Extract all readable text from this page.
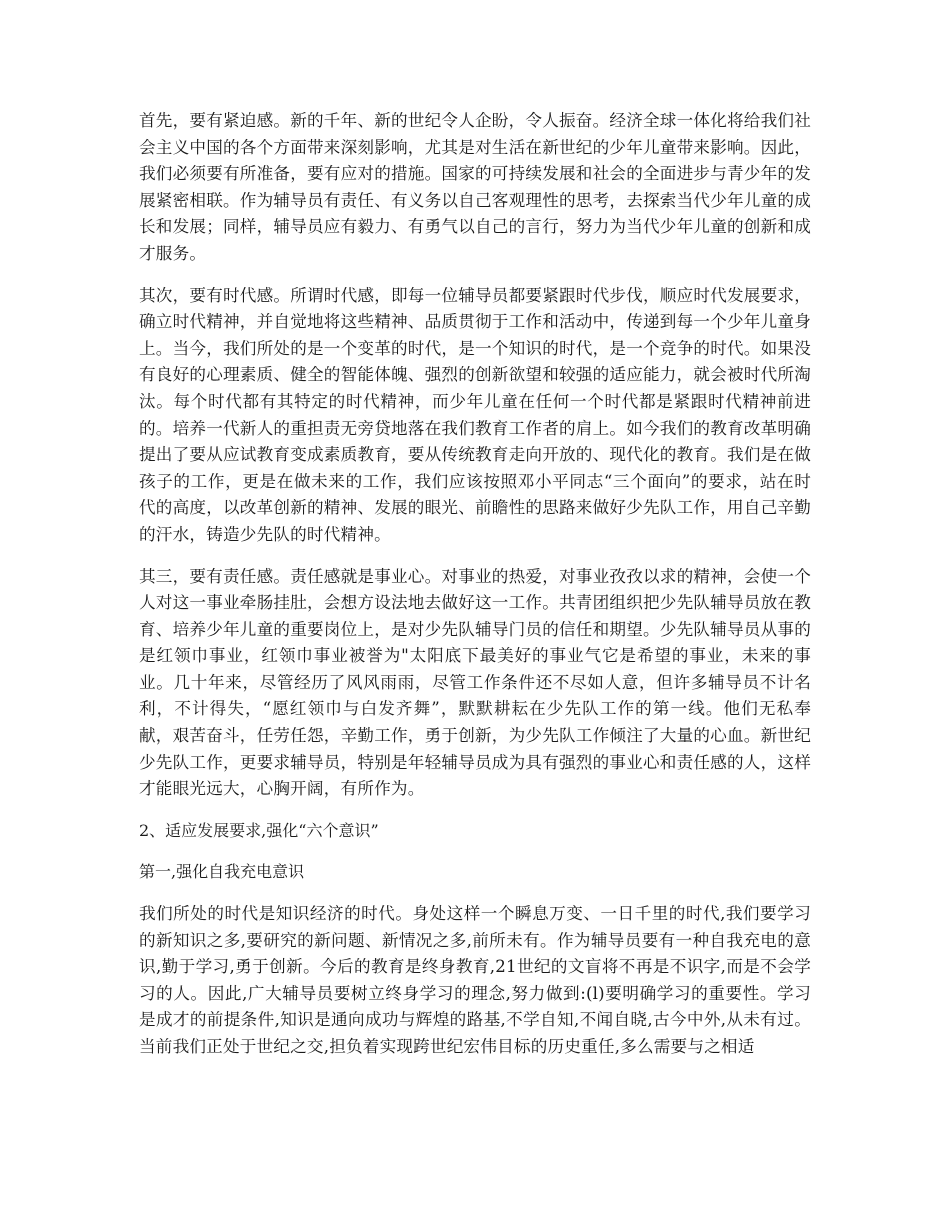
首先，要有紧迫感。新的千年、新的世纪令人企盼，令人振奋。经济全球一体化将给我们社会主义中国的各个方面带来深刻影响，尤其是对生活在新世纪的少年儿童带来影响。因此，我们必须要有所准备，要有应对的措施。国家的可持续发展和社会的全面进步与青少年的发展紧密相联。作为辅导员有责任、有义务以自己客观理性的思考，去探索当代少年儿童的成长和发展；同样，辅导员应有毅力、有勇气以自己的言行，努力为当代少年儿童的创新和成才服务。

其次，要有时代感。所谓时代感，即每一位辅导员都要紧跟时代步伐，顺应时代发展要求，确立时代精神，并自觉地将这些精神、品质贯彻于工作和活动中，传递到每一个少年儿童身上。当今，我们所处的是一个变革的时代，是一个知识的时代，是一个竞争的时代。如果没有良好的心理素质、健全的智能体魄、强烈的创新欲望和较强的适应能力，就会被时代所淘汰。每个时代都有其特定的时代精神，而少年儿童在任何一个时代都是紧跟时代精神前进的。培养一代新人的重担责无旁贷地落在我们教育工作者的肩上。如今我们的教育改革明确提出了要从应试教育变成素质教育，要从传统教育走向开放的、现代化的教育。我们是在做孩子的工作，更是在做未来的工作，我们应该按照邓小平同志“三个面向”的要求，站在时代的高度，以改革创新的精神、发展的眼光、前瞻性的思路来做好少先队工作，用自己辛勤的汗水，铸造少先队的时代精神。

其三，要有责任感。责任感就是事业心。对事业的热爱，对事业孜孜以求的精神，会使一个人对这一事业牵肠挂肚，会想方设法地去做好这一工作。共青团组织把少先队辅导员放在教育、培养少年儿童的重要岗位上，是对少先队辅导门员的信任和期望。少先队辅导员从事的是红领巾事业，红领巾事业被誉为"太阳底下最美好的事业气它是希望的事业，未来的事业。几十年来，尽管经历了风风雨雨，尽管工作条件还不尽如人意，但许多辅导员不计名利，不计得失，“愿红领巾与白发齐舞”，默默耕耘在少先队工作的第一线。他们无私奉献，艰苦奋斗，任劳任怨，辛勤工作，勇于创新，为少先队工作倾注了大量的心血。新世纪少先队工作，更要求辅导员，特别是年轻辅导员成为具有强烈的事业心和责任感的人，这样才能眼光远大，心胸开阔，有所作为。

2、适应发展要求,强化“六个意识”

第一,强化自我充电意识

我们所处的时代是知识经济的时代。身处这样一个瞬息万变、一日千里的时代,我们要学习的新知识之多,要研究的新问题、新情况之多,前所未有。作为辅导员要有一种自我充电的意识,勤于学习,勇于创新。今后的教育是终身教育,21世纪的文盲将不再是不识字,而是不会学习的人。因此,广大辅导员要树立终身学习的理念,努力做到:(l)要明确学习的重要性。学习是成才的前提条件,知识是通向成功与辉煌的路基,不学自知,不闻自晓,古今中外,从未有过。当前我们正处于世纪之交,担负着实现跨世纪宏伟目标的历史重任,多么需要与之相适
